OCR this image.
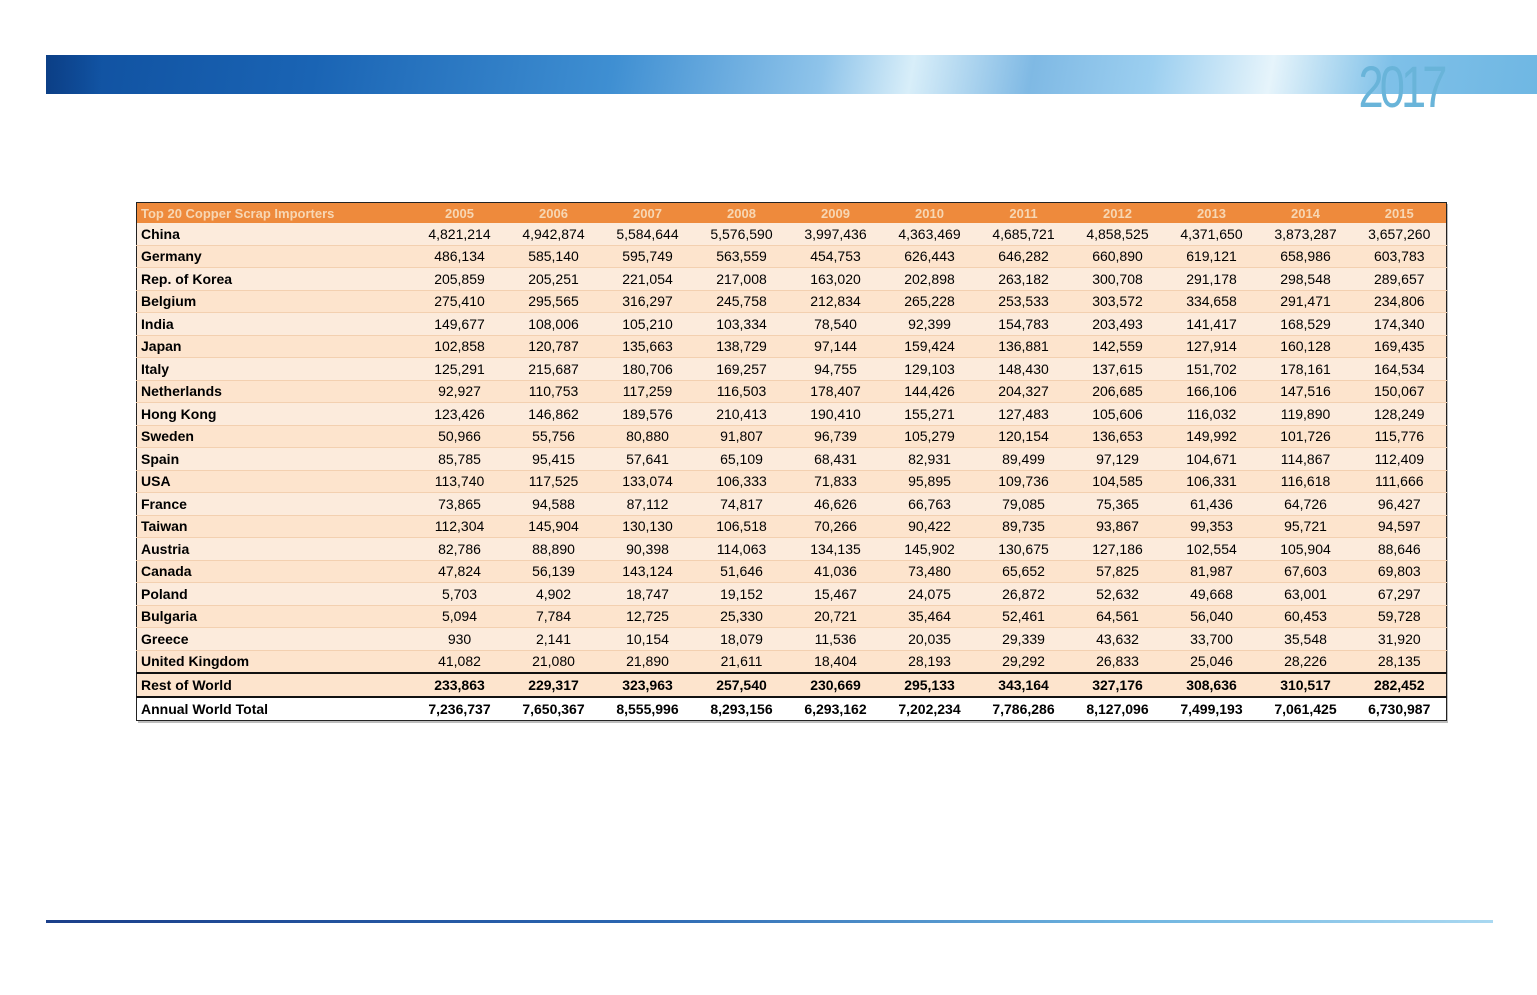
2017
Top 20 Copper Scrap Importers	2005	2006	2007	2008	2009	2010	2011	2012	2013	2014	2015
China	4,821,214	4,942,874	5,584,644	5,576,590	3,997,436	4,363,469	4,685,721	4,858,525	4,371,650	3,873,287	3,657,260
Germany	486,134	585,140	595,749	563,559	454,753	626,443	646,282	660,890	619,121	658,986	603,783
Rep. of Korea	205,859	205,251	221,054	217,008	163,020	202,898	263,182	300,708	291,178	298,548	289,657
Belgium	275,410	295,565	316,297	245,758	212,834	265,228	253,533	303,572	334,658	291,471	234,806
India	149,677	108,006	105,210	103,334	78,540	92,399	154,783	203,493	141,417	168,529	174,340
Japan	102,858	120,787	135,663	138,729	97,144	159,424	136,881	142,559	127,914	160,128	169,435
Italy	125,291	215,687	180,706	169,257	94,755	129,103	148,430	137,615	151,702	178,161	164,534
Netherlands	92,927	110,753	117,259	116,503	178,407	144,426	204,327	206,685	166,106	147,516	150,067
Hong Kong	123,426	146,862	189,576	210,413	190,410	155,271	127,483	105,606	116,032	119,890	128,249
Sweden	50,966	55,756	80,880	91,807	96,739	105,279	120,154	136,653	149,992	101,726	115,776
Spain	85,785	95,415	57,641	65,109	68,431	82,931	89,499	97,129	104,671	114,867	112,409
USA	113,740	117,525	133,074	106,333	71,833	95,895	109,736	104,585	106,331	116,618	111,666
France	73,865	94,588	87,112	74,817	46,626	66,763	79,085	75,365	61,436	64,726	96,427
Taiwan	112,304	145,904	130,130	106,518	70,266	90,422	89,735	93,867	99,353	95,721	94,597
Austria	82,786	88,890	90,398	114,063	134,135	145,902	130,675	127,186	102,554	105,904	88,646
Canada	47,824	56,139	143,124	51,646	41,036	73,480	65,652	57,825	81,987	67,603	69,803
Poland	5,703	4,902	18,747	19,152	15,467	24,075	26,872	52,632	49,668	63,001	67,297
Bulgaria	5,094	7,784	12,725	25,330	20,721	35,464	52,461	64,561	56,040	60,453	59,728
Greece	930	2,141	10,154	18,079	11,536	20,035	29,339	43,632	33,700	35,548	31,920
United Kingdom	41,082	21,080	21,890	21,611	18,404	28,193	29,292	26,833	25,046	28,226	28,135
Rest of World	233,863	229,317	323,963	257,540	230,669	295,133	343,164	327,176	308,636	310,517	282,452
Annual World Total	7,236,737	7,650,367	8,555,996	8,293,156	6,293,162	7,202,234	7,786,286	8,127,096	7,499,193	7,061,425	6,730,987
